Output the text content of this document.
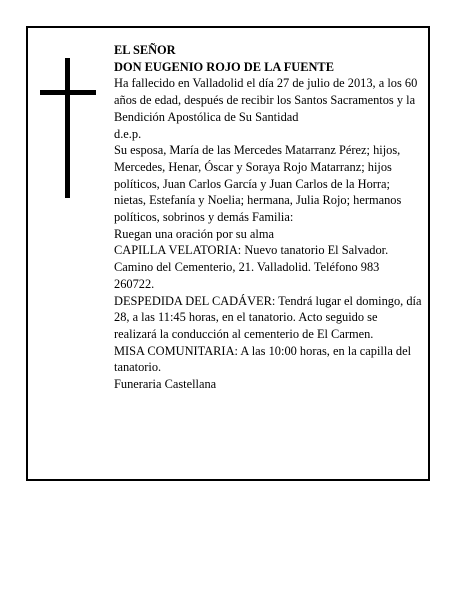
EL SEÑOR

DON EUGENIO ROJO DE LA FUENTE

Ha fallecido en Valladolid el día 27 de julio de 2013, a los 60 años de edad, después de recibir los Santos Sacramentos y la Bendición Apostólica de Su Santidad

d.e.p.

Su esposa, María de las Mercedes Matarranz Pérez; hijos, Mercedes, Henar, Óscar y Soraya Rojo Matarranz; hijos políticos, Juan Carlos García y Juan Carlos de la Horra; nietas, Estefanía y Noelia; hermana, Julia Rojo; hermanos políticos, sobrinos y demás Familia:

Ruegan una oración por su alma

CAPILLA VELATORIA: Nuevo tanatorio El Salvador. Camino del Cementerio, 21. Valladolid. Teléfono 983 260722.

DESPEDIDA DEL CADÁVER: Tendrá lugar el domingo, día 28, a las 11:45 horas, en el tanatorio. Acto seguido se realizará la conducción al cementerio de El Carmen.

MISA COMUNITARIA: A las 10:00 horas, en la capilla del tanatorio.

Funeraria Castellana
